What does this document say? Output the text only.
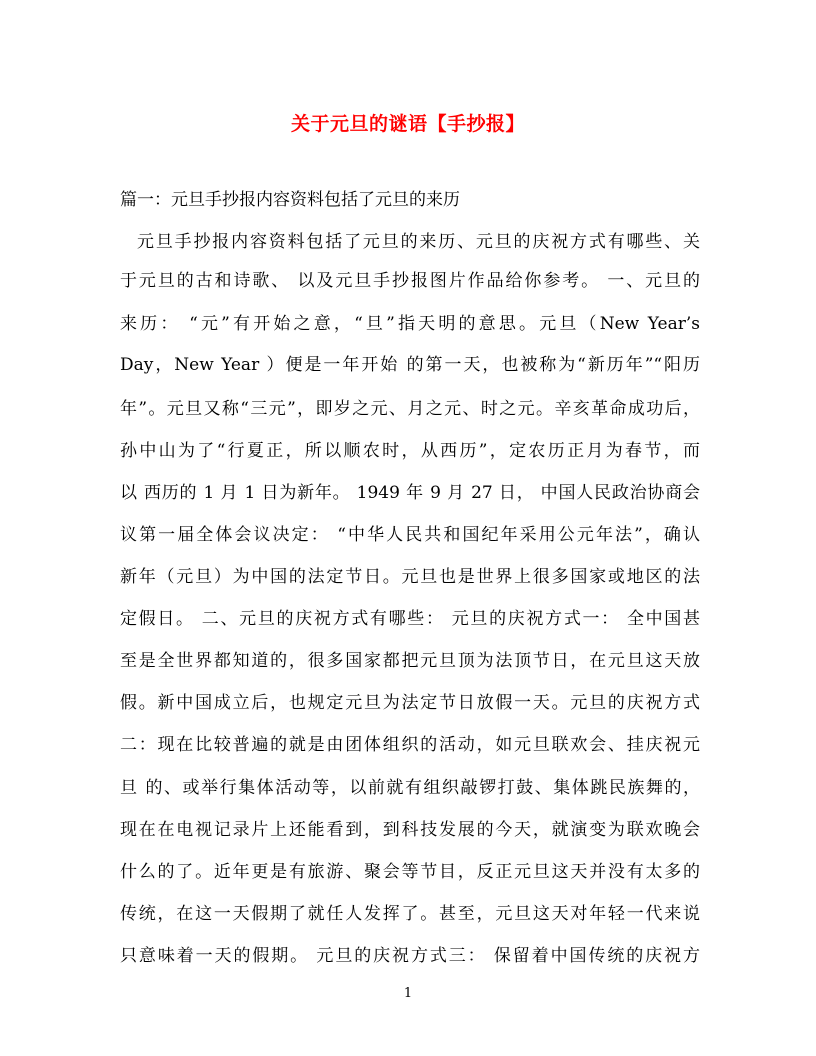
关于元旦的谜语【手抄报】
篇一：元旦手抄报内容资料包括了元旦的来历
元旦手抄报内容资料包括了元旦的来历、元旦的庆祝方式有哪些、关
于元旦的古和诗歌、 以及元旦手抄报图片作品给你参考。 一、元旦的
来历： “元”有开始之意，“旦”指天明的意思。元旦（New Year’s
Day，New Year ）便是一年开始 的第一天，也被称为“新历年”“阳历
年”。元旦又称“三元”，即岁之元、月之元、时之元。辛亥革命成功后，
孙中山为了“行夏正，所以顺农时，从西历”，定农历正月为春节，而
以 西历的 1 月 1 日为新年。 1949 年 9 月 27 日， 中国人民政治协商会
议第一届全体会议决定： “中华人民共和国纪年采用公元年法”，确认
新年（元旦）为中国的法定节日。元旦也是世界上很多国家或地区的法
定假日。 二、元旦的庆祝方式有哪些： 元旦的庆祝方式一： 全中国甚
至是全世界都知道的，很多国家都把元旦顶为法顶节日，在元旦这天放
假。新中国成立后，也规定元旦为法定节日放假一天。元旦的庆祝方式
二：现在比较普遍的就是由团体组织的活动，如元旦联欢会、挂庆祝元
旦 的、或举行集体活动等，以前就有组织敲锣打鼓、集体跳民族舞的，
现在在电视记录片上还能看到，到科技发展的今天，就演变为联欢晚会
什么的了。近年更是有旅游、聚会等节目，反正元旦这天并没有太多的
传统，在这一天假期了就任人发挥了。甚至，元旦这天对年轻一代来说
只意味着一天的假期。 元旦的庆祝方式三： 保留着中国传统的庆祝方
1
